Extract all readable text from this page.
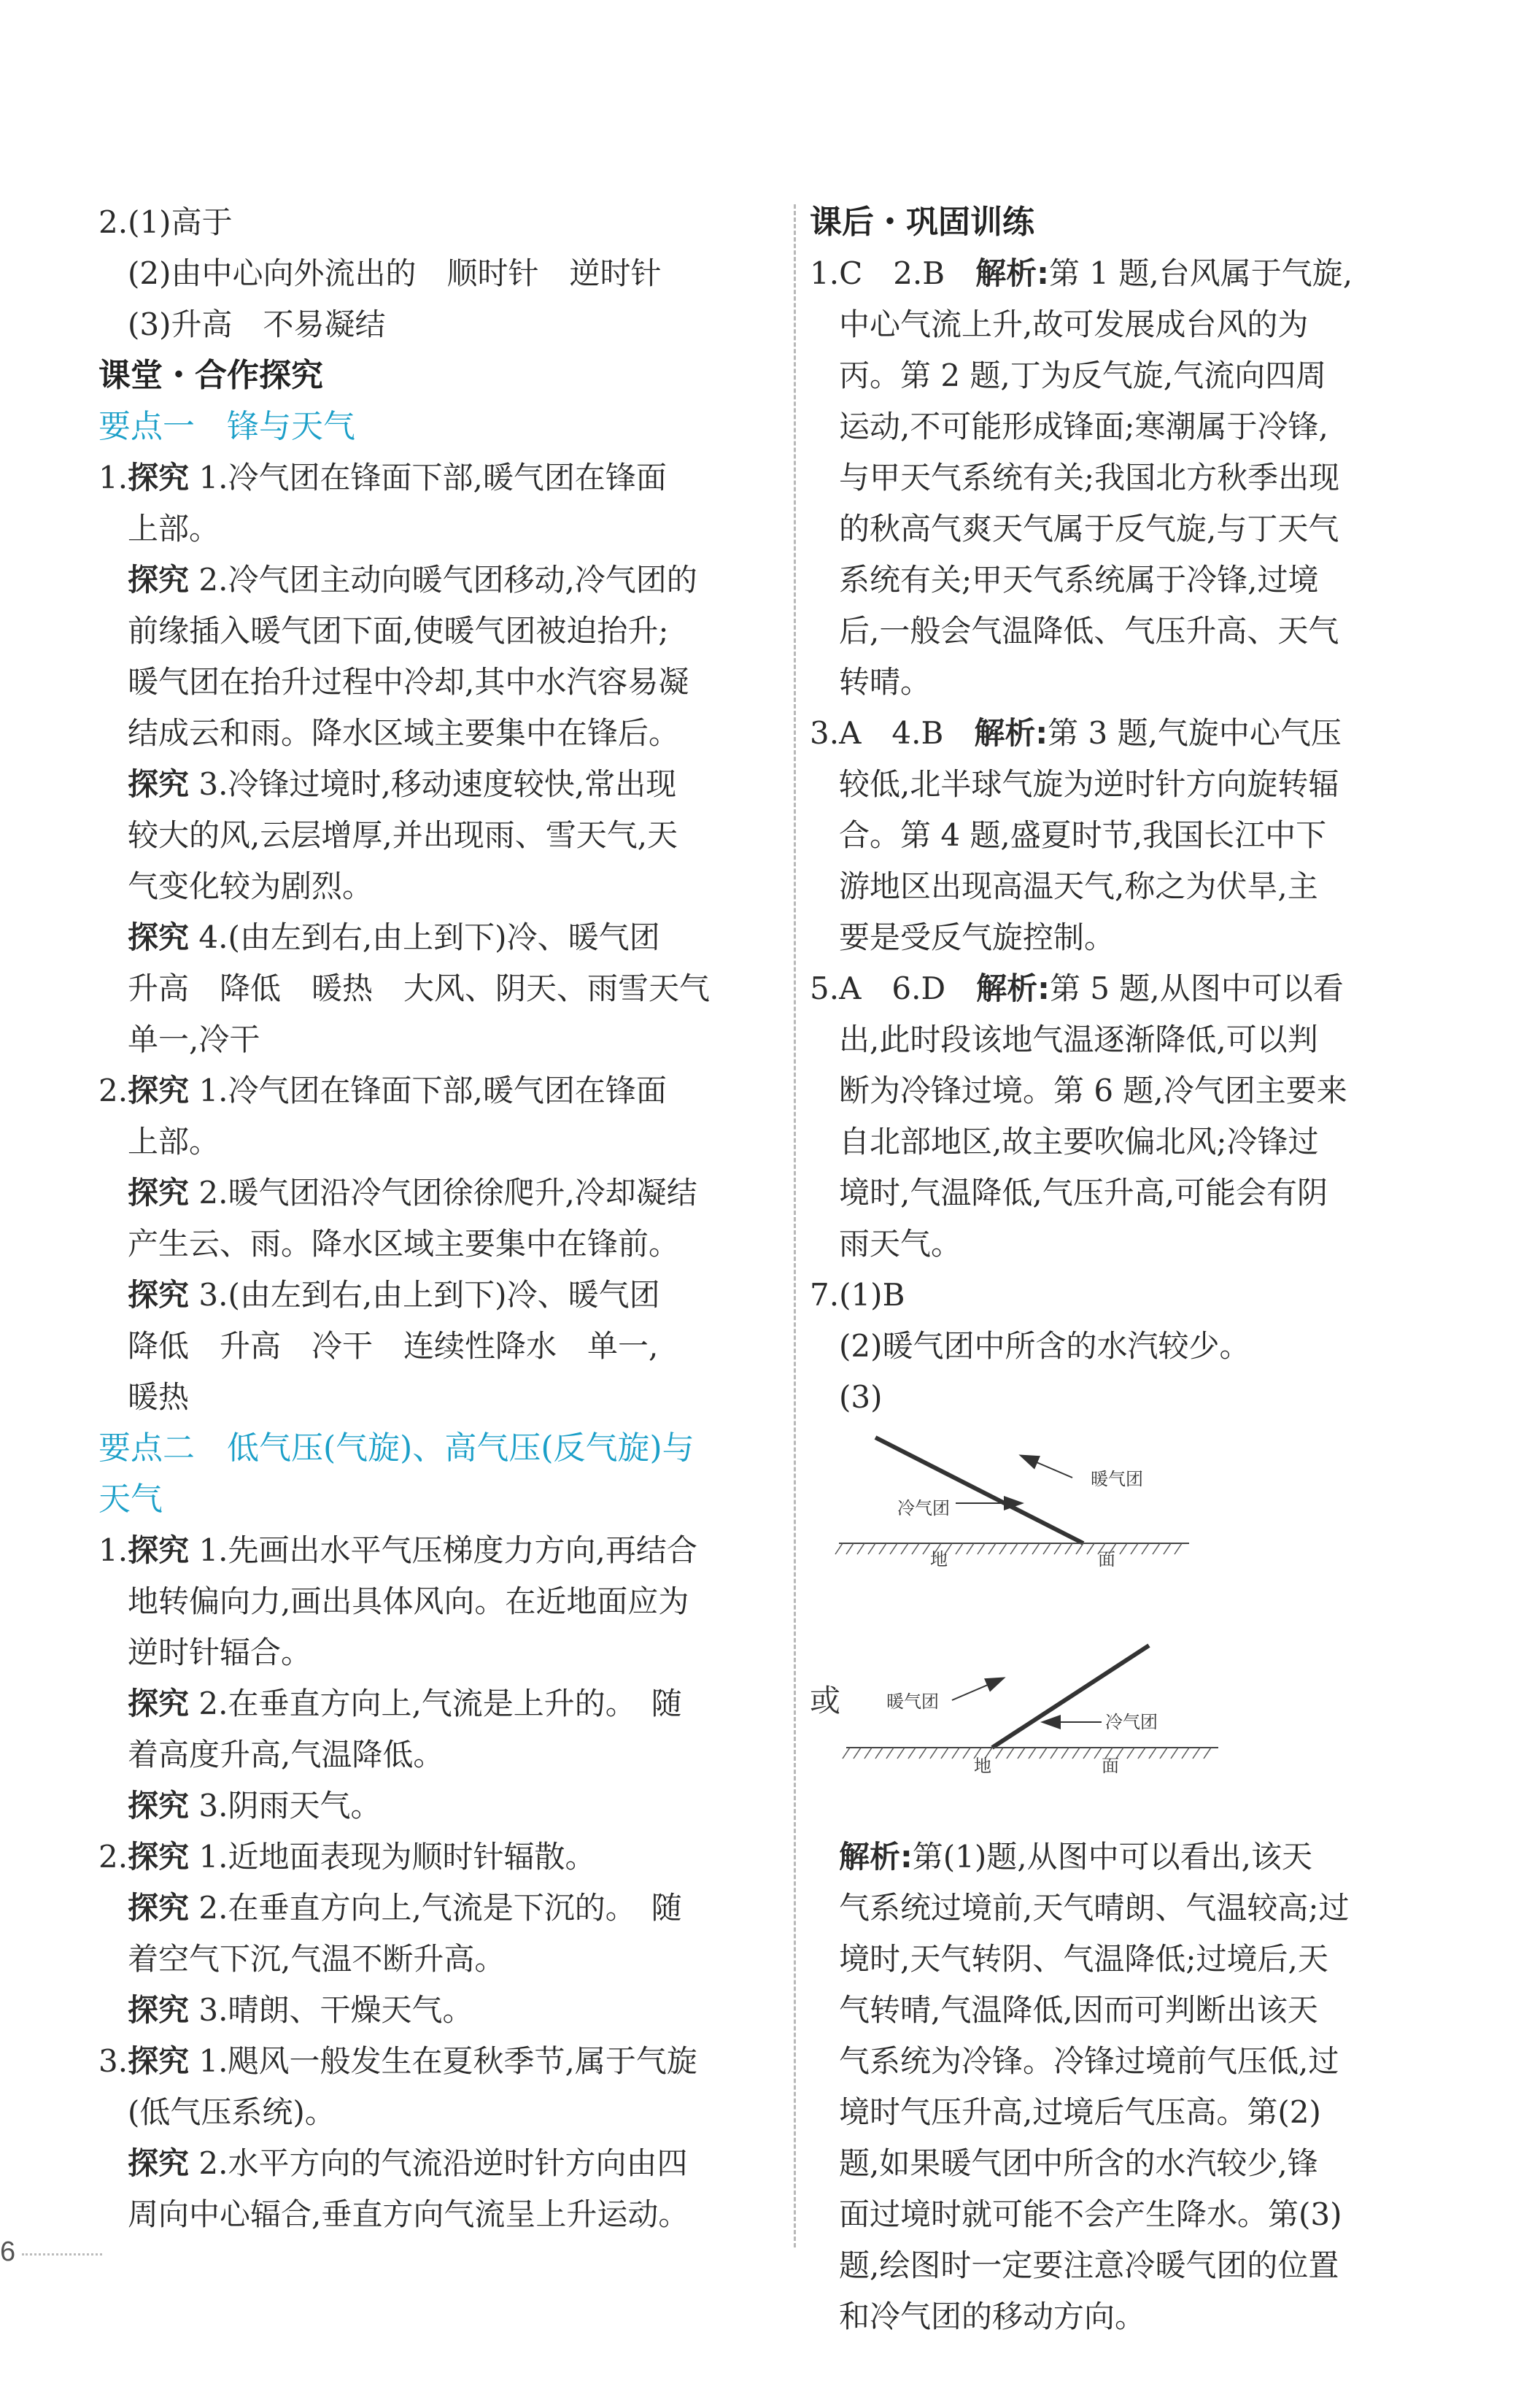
2.(1)高于
(2)由中心向外流出的　顺时针　逆时针
(3)升高　不易凝结
课堂・合作探究
要点一　锋与天气
1.探究 1.冷气团在锋面下部,暖气团在锋面
上部。
探究 2.冷气团主动向暖气团移动,冷气团的
前缘插入暖气团下面,使暖气团被迫抬升;
暖气团在抬升过程中冷却,其中水汽容易凝
结成云和雨。降水区域主要集中在锋后。
探究 3.冷锋过境时,移动速度较快,常出现
较大的风,云层增厚,并出现雨、雪天气,天
气变化较为剧烈。
探究 4.(由左到右,由上到下)冷、暖气团
升高　降低　暖热　大风、阴天、雨雪天气
单一,冷干
2.探究 1.冷气团在锋面下部,暖气团在锋面
上部。
探究 2.暖气团沿冷气团徐徐爬升,冷却凝结
产生云、雨。降水区域主要集中在锋前。
探究 3.(由左到右,由上到下)冷、暖气团
降低　升高　冷干　连续性降水　单一,
暖热
要点二　低气压(气旋)、高气压(反气旋)与
天气
1.探究 1.先画出水平气压梯度力方向,再结合
地转偏向力,画出具体风向。在近地面应为
逆时针辐合。
探究 2.在垂直方向上,气流是上升的。　随
着高度升高,气温降低。
探究 3.阴雨天气。
2.探究 1.近地面表现为顺时针辐散。
探究 2.在垂直方向上,气流是下沉的。　随
着空气下沉,气温不断升高。
探究 3.晴朗、干燥天气。
3.探究 1.飓风一般发生在夏秋季节,属于气旋
(低气压系统)。
探究 2.水平方向的气流沿逆时针方向由四
周向中心辐合,垂直方向气流呈上升运动。
课后・巩固训练
1.C　2.B　解析:第 1 题,台风属于气旋,
中心气流上升,故可发展成台风的为
丙。第 2 题,丁为反气旋,气流向四周
运动,不可能形成锋面;寒潮属于冷锋,
与甲天气系统有关;我国北方秋季出现
的秋高气爽天气属于反气旋,与丁天气
系统有关;甲天气系统属于冷锋,过境
后,一般会气温降低、气压升高、天气
转晴。
3.A　4.B　解析:第 3 题,气旋中心气压
较低,北半球气旋为逆时针方向旋转辐
合。第 4 题,盛夏时节,我国长江中下
游地区出现高温天气,称之为伏旱,主
要是受反气旋控制。
5.A　6.D　解析:第 5 题,从图中可以看
出,此时段该地气温逐渐降低,可以判
断为冷锋过境。第 6 题,冷气团主要来
自北部地区,故主要吹偏北风;冷锋过
境时,气温降低,气压升高,可能会有阴
雨天气。
7.(1)B
(2)暖气团中所含的水汽较少。
(3)
冷气团
暖气团
地	面
或	暖气团
冷气团
地	面
解析:第(1)题,从图中可以看出,该天
气系统过境前,天气晴朗、气温较高;过
境时,天气转阴、气温降低;过境后,天
气转晴,气温降低,因而可判断出该天
气系统为冷锋。冷锋过境前气压低,过
境时气压升高,过境后气压高。第(2)
题,如果暖气团中所含的水汽较少,锋
面过境时就可能不会产生降水。第(3)
题,绘图时一定要注意冷暖气团的位置
和冷气团的移动方向。
6
